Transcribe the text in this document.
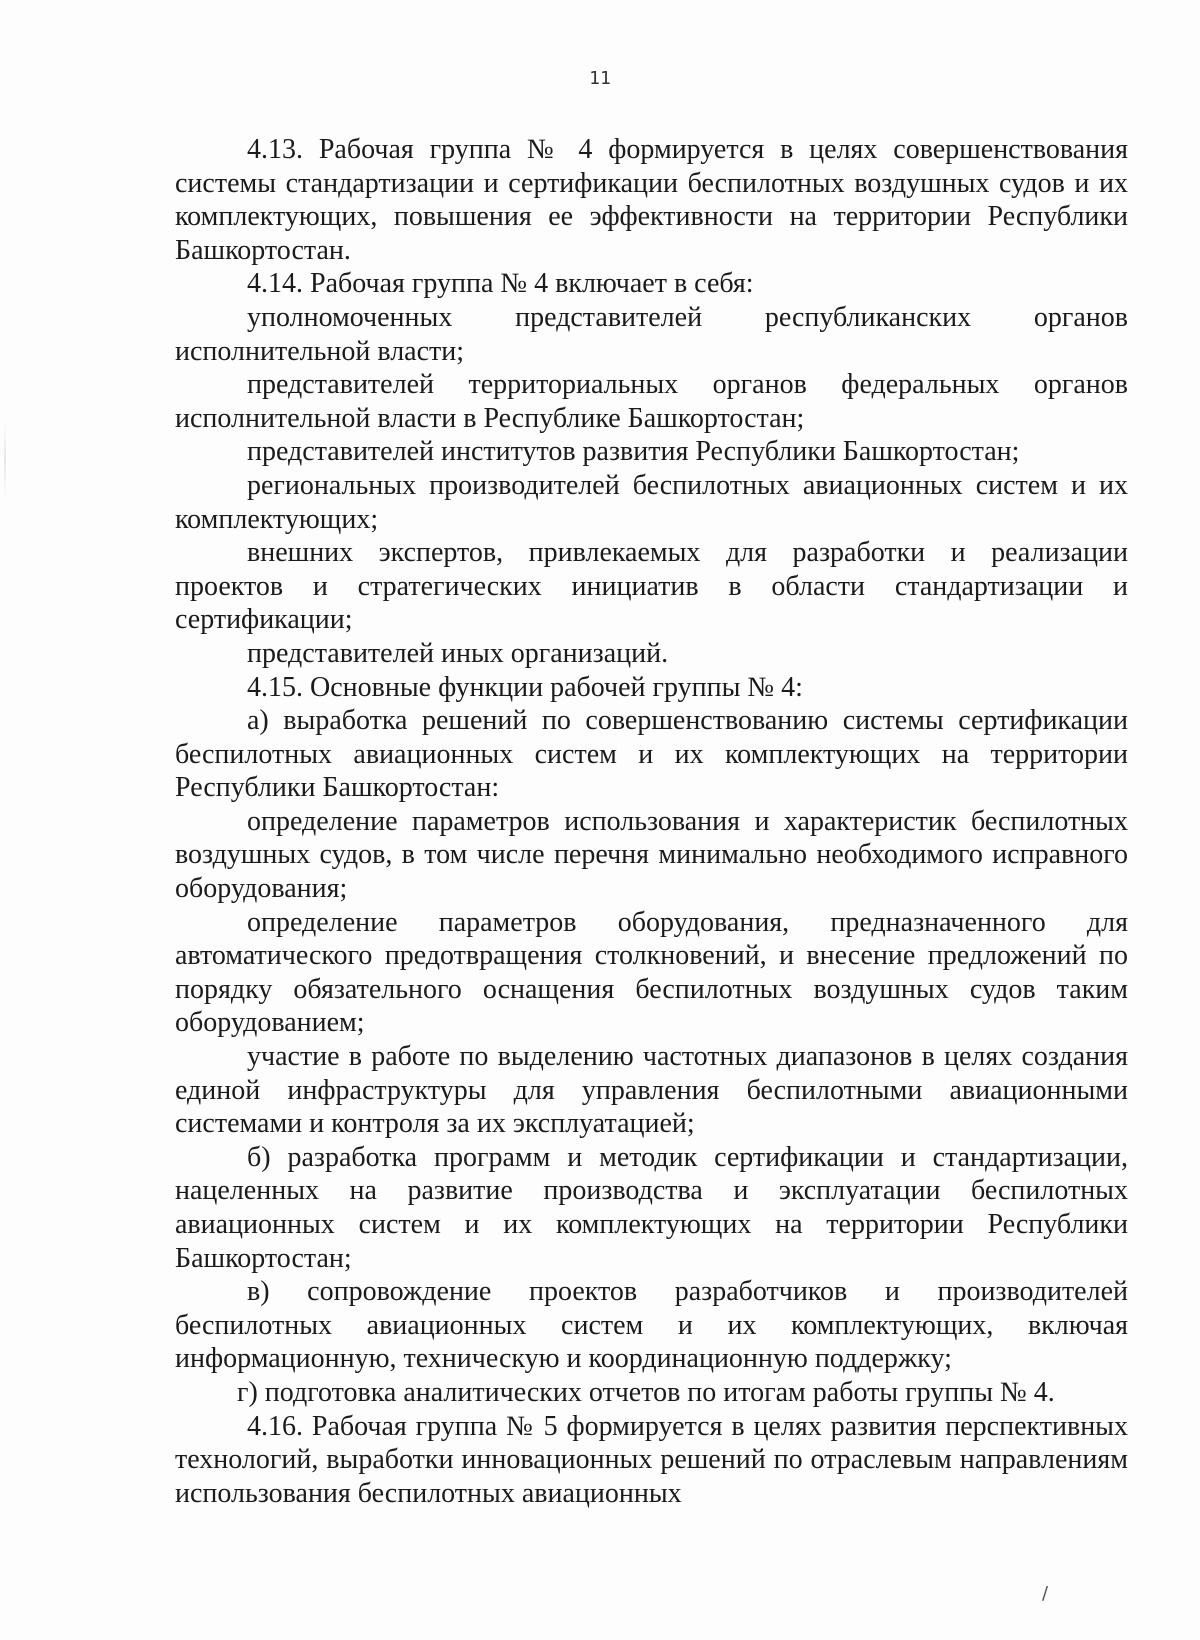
11

4.13. Рабочая группа № 4 формируется в целях совершенствования системы стандартизации и сертификации беспилотных воздушных судов и их комплектующих, повышения ее эффективности на территории Республики Башкортостан.

4.14. Рабочая группа № 4 включает в себя:

уполномоченных представителей республиканских органов исполнительной власти;

представителей территориальных органов федеральных органов исполнительной власти в Республике Башкортостан;

представителей институтов развития Республики Башкортостан;

региональных производителей беспилотных авиационных систем и их комплектующих;

внешних экспертов, привлекаемых для разработки и реализации проектов и стратегических инициатив в области стандартизации и сертификации;

представителей иных организаций.

4.15. Основные функции рабочей группы № 4:

а) выработка решений по совершенствованию системы сертификации беспилотных авиационных систем и их комплектующих на территории Республики Башкортостан:

определение параметров использования и характеристик беспилотных воздушных судов, в том числе перечня минимально необходимого исправного оборудования;

определение параметров оборудования, предназначенного для автоматического предотвращения столкновений, и внесение предложений по порядку обязательного оснащения беспилотных воздушных судов таким оборудованием;

участие в работе по выделению частотных диапазонов в целях создания единой инфраструктуры для управления беспилотными авиационными системами и контроля за их эксплуатацией;

б) разработка программ и методик сертификации и стандартизации, нацеленных на развитие производства и эксплуатации беспилотных авиационных систем и их комплектующих на территории Республики Башкортостан;

в) сопровождение проектов разработчиков и производителей беспилотных авиационных систем и их комплектующих, включая информационную, техническую и координационную поддержку;

г) подготовка аналитических отчетов по итогам работы группы № 4.

4.16. Рабочая группа № 5 формируется в целях развития перспективных технологий, выработки инновационных решений по отраслевым направлениям использования беспилотных авиационных

/
